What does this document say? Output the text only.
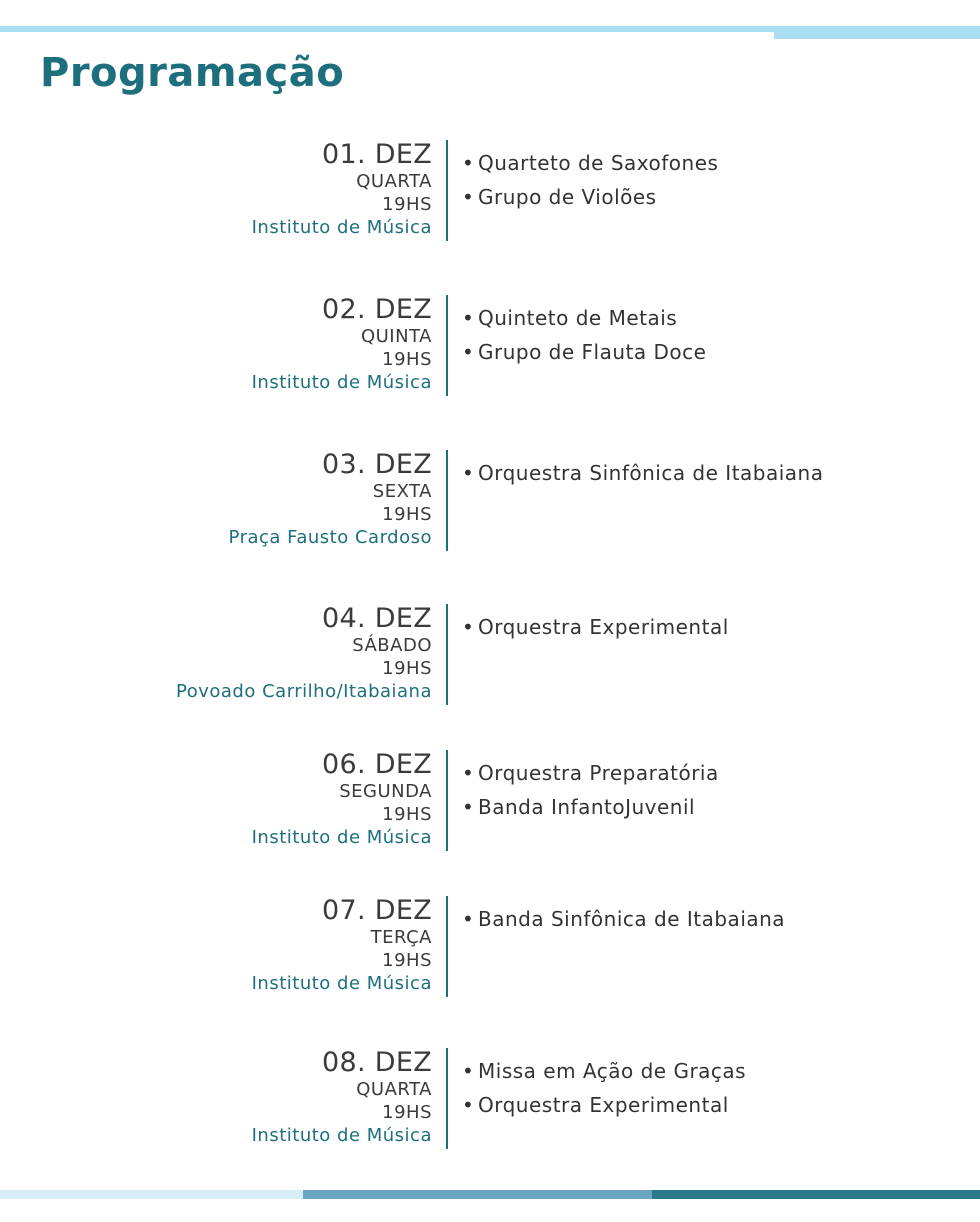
Programação
01. DEZ
QUARTA
19HS
Instituto de Música
• Quarteto de Saxofones
• Grupo de Violões
02. DEZ
QUINTA
19HS
Instituto de Música
• Quinteto de Metais
• Grupo de Flauta Doce
03. DEZ
SEXTA
19HS
Praça Fausto Cardoso
• Orquestra Sinfônica de Itabaiana
04. DEZ
SÁBADO
19HS
Povoado Carrilho/Itabaiana
• Orquestra Experimental
06. DEZ
SEGUNDA
19HS
Instituto de Música
• Orquestra Preparatória
• Banda InfantoJuvenil
07. DEZ
TERÇA
19HS
Instituto de Música
• Banda Sinfônica de Itabaiana
08. DEZ
QUARTA
19HS
Instituto de Música
• Missa em Ação de Graças
• Orquestra Experimental
